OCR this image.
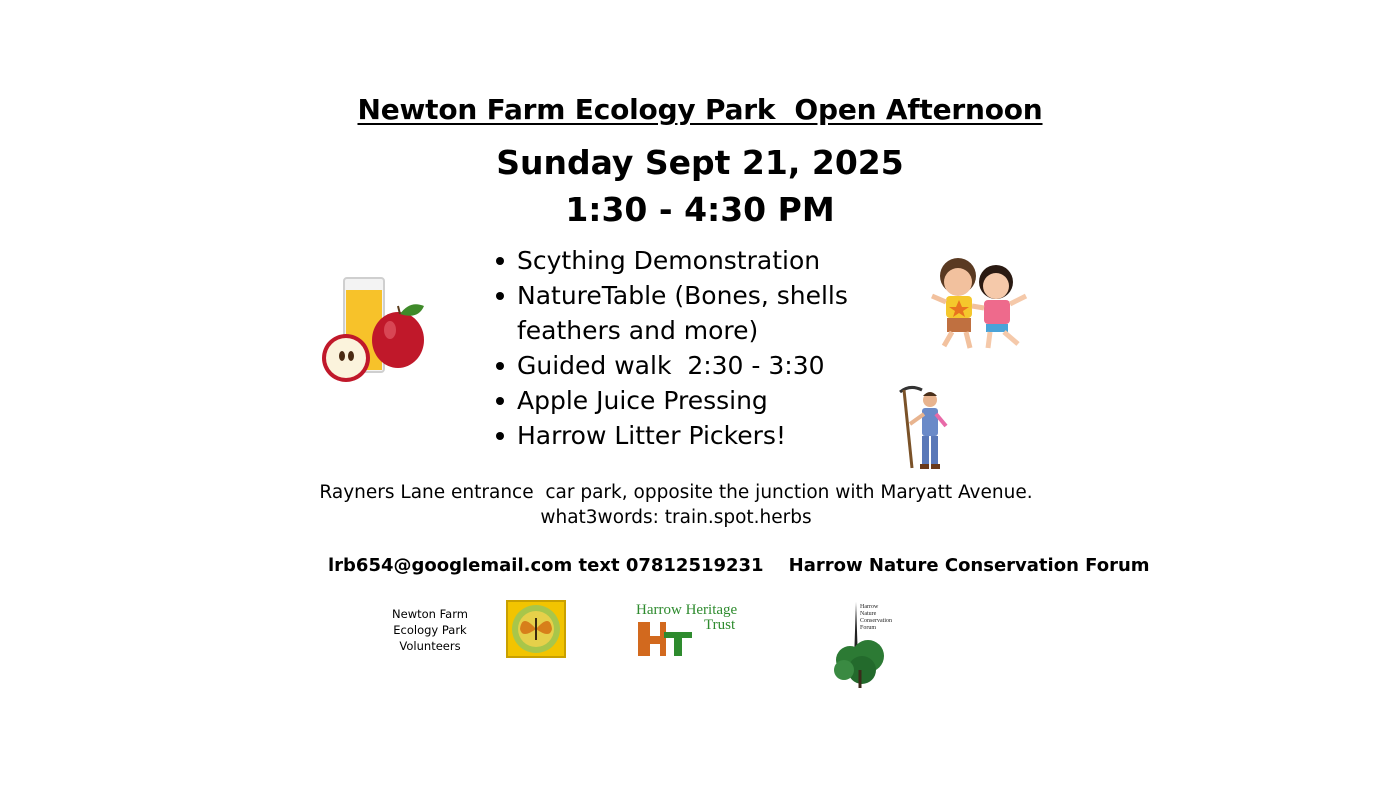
Newton Farm Ecology Park  Open Afternoon
Sunday Sept 21, 2025
1:30 - 4:30 PM
Scything Demonstration
NatureTable (Bones, shells
feathers and more)
Guided walk  2:30 - 3:30
Apple Juice Pressing
Harrow Litter Pickers!
Rayners Lane entrance  car park, opposite the junction with Maryatt Avenue.
what3words: train.spot.herbs
lrb654@googlemail.com text 07812519231    Harrow Nature Conservation Forum
Newton Farm
Ecology Park
Volunteers
Harrow Heritage
Trust
Harrow
Nature
Conservation
Forum
